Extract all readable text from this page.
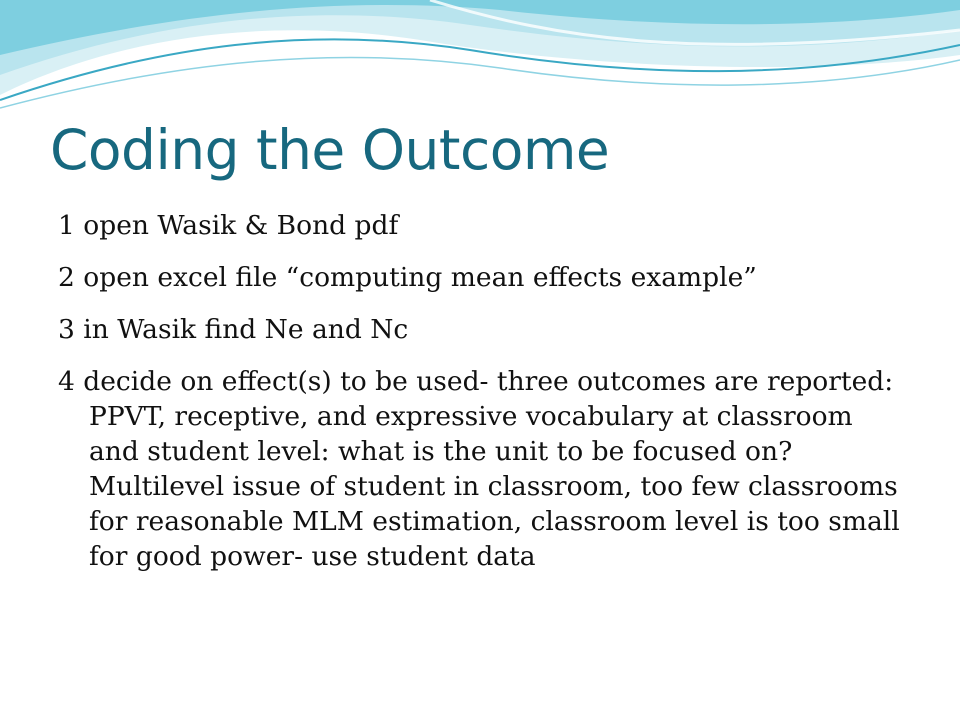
Coding the Outcome
1 open Wasik & Bond pdf
2 open excel file “computing mean effects example”
3 in Wasik find Ne and Nc
4 decide on effect(s) to be used- three outcomes are reported: PPVT, receptive, and expressive vocabulary at classroom and student level: what is the unit to be focused on? Multilevel issue of student in classroom, too few classrooms for reasonable MLM estimation, classroom level is too small for good power- use student data
